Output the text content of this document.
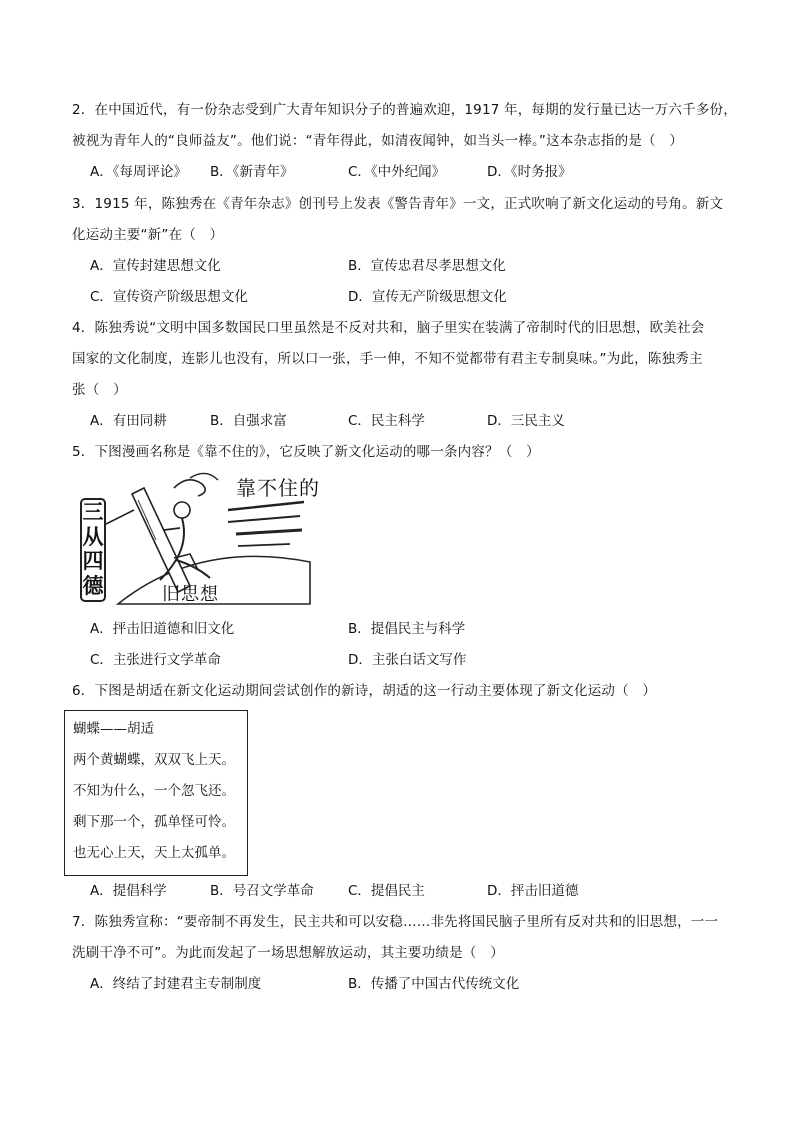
2．在中国近代，有一份杂志受到广大青年知识分子的普遍欢迎，1917 年，每期的发行量已达一万六千多份，
被视为青年人的“良师益友”。他们说：“青年得此，如清夜闻钟，如当头一棒。”这本杂志指的是（　）
A．《每周评论》 B．《新青年》	C．《中外纪闻》	D．《时务报》
3．1915 年，陈独秀在《青年杂志》创刊号上发表《警告青年》一文，正式吹响了新文化运动的号角。新文
化运动主要“新”在（　）
A．宣传封建思想文化	B．宣传忠君尽孝思想文化
C．宣传资产阶级思想文化	D．宣传无产阶级思想文化
4．陈独秀说“文明中国多数国民口里虽然是不反对共和，脑子里实在装满了帝制时代的旧思想，欧美社会
国家的文化制度，连影儿也没有，所以口一张，手一伸，不知不觉都带有君主专制臭味。”为此，陈独秀主
张（　）
A．有田同耕	B．自强求富	C．民主科学	D．三民主义
5．下图漫画名称是《靠不住的》，它反映了新文化运动的哪一条内容？（　）
三
从
四
德
靠不住的
旧思想
A．抨击旧道德和旧文化	B．提倡民主与科学
C．主张进行文学革命	D．主张白话文写作
6．下图是胡适在新文化运动期间尝试创作的新诗，胡适的这一行动主要体现了新文化运动（　）
蝴蝶——胡适
两个黄蝴蝶，双双飞上天。
不知为什么，一个忽飞还。
剩下那一个，孤单怪可怜。
也无心上天，天上太孤单。
A．提倡科学	B．号召文学革命	C．提倡民主	D．抨击旧道德
7．陈独秀宣称：“要帝制不再发生，民主共和可以安稳……非先将国民脑子里所有反对共和的旧思想，一一
洗刷干净不可”。为此而发起了一场思想解放运动，其主要功绩是（　）
A．终结了封建君主专制制度	B．传播了中国古代传统文化
